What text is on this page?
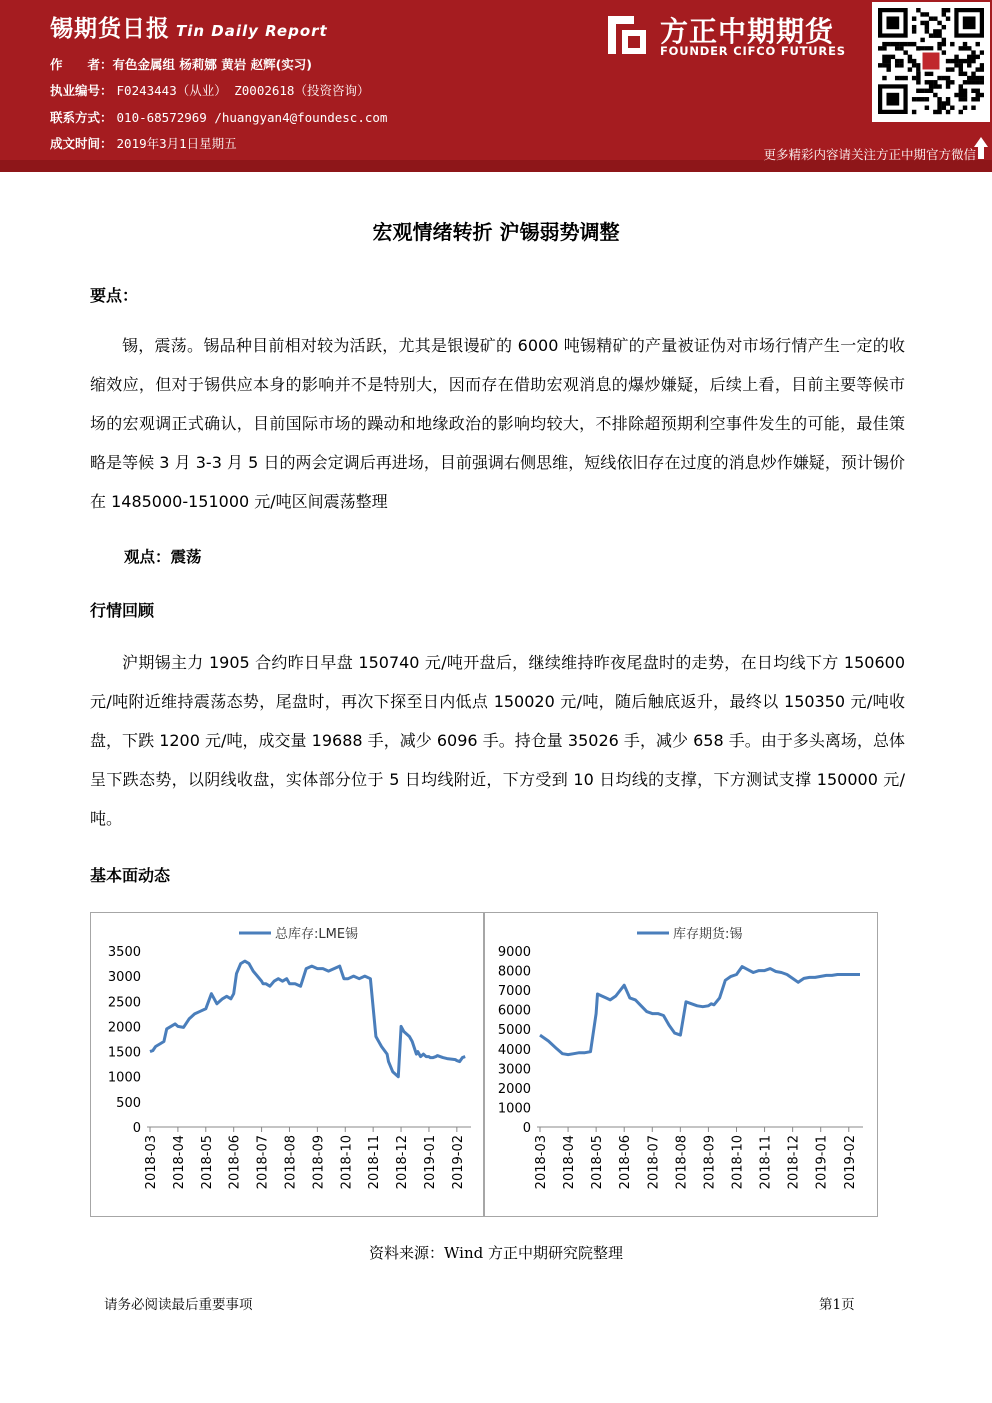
锡期货日报 Tin Daily Report
作　　者：有色金属组 杨莉娜 黄岩 赵辉(实习)
执业编号： F0243443（从业） Z0002618（投资咨询）
联系方式： 010-68572969 /huangyan4@foundesc.com
成文时间： 2019年3月1日星期五
方正中期期货
FOUNDER CIFCO FUTURES
更多精彩内容请关注方正中期官方微信
宏观情绪转折 沪锡弱势调整
要点：

锡，震荡。锡品种目前相对较为活跃，尤其是银谩矿的 6000 吨锡精矿的产量被证伪对市场行情产生一定的收缩效应，但对于锡供应本身的影响并不是特别大，因而存在借助宏观消息的爆炒嫌疑，后续上看，目前主要等候市场的宏观调正式确认，目前国际市场的躁动和地缘政治的影响均较大，不排除超预期利空事件发生的可能，最佳策略是等候 3 月 3-3 月 5 日的两会定调后再进场，目前强调右侧思维，短线依旧存在过度的消息炒作嫌疑，预计锡价在 1485000-151000 元/吨区间震荡整理

观点：震荡
行情回顾

沪期锡主力 1905 合约昨日早盘 150740 元/吨开盘后，继续维持昨夜尾盘时的走势，在日均线下方 150600 元/吨附近维持震荡态势，尾盘时，再次下探至日内低点 150020 元/吨，随后触底返升，最终以 150350 元/吨收盘，下跌 1200 元/吨，成交量 19688 手，减少 6096 手。持仓量 35026 手，减少 658 手。由于多头离场，总体呈下跌态势，以阴线收盘，实体部分位于 5 日均线附近，下方受到 10 日均线的支撑，下方测试支撑 150000 元/吨。

基本面动态
总库存:LME锡
0
500
1000
1500
2000
2500
3000
3500
2018-03 2018-04 2018-05 2018-06 2018-07 2018-08 2018-09 2018-10 2018-11 2018-12 2019-01 2019-02
库存期货:锡
0
1000
2000
3000
4000
5000
6000
7000
8000
9000
2018-03 2018-04 2018-05 2018-06 2018-07 2018-08 2018-09 2018-10 2018-11 2018-12 2019-01 2019-02
资料来源：Wind 方正中期研究院整理
请务必阅读最后重要事项	第1页
